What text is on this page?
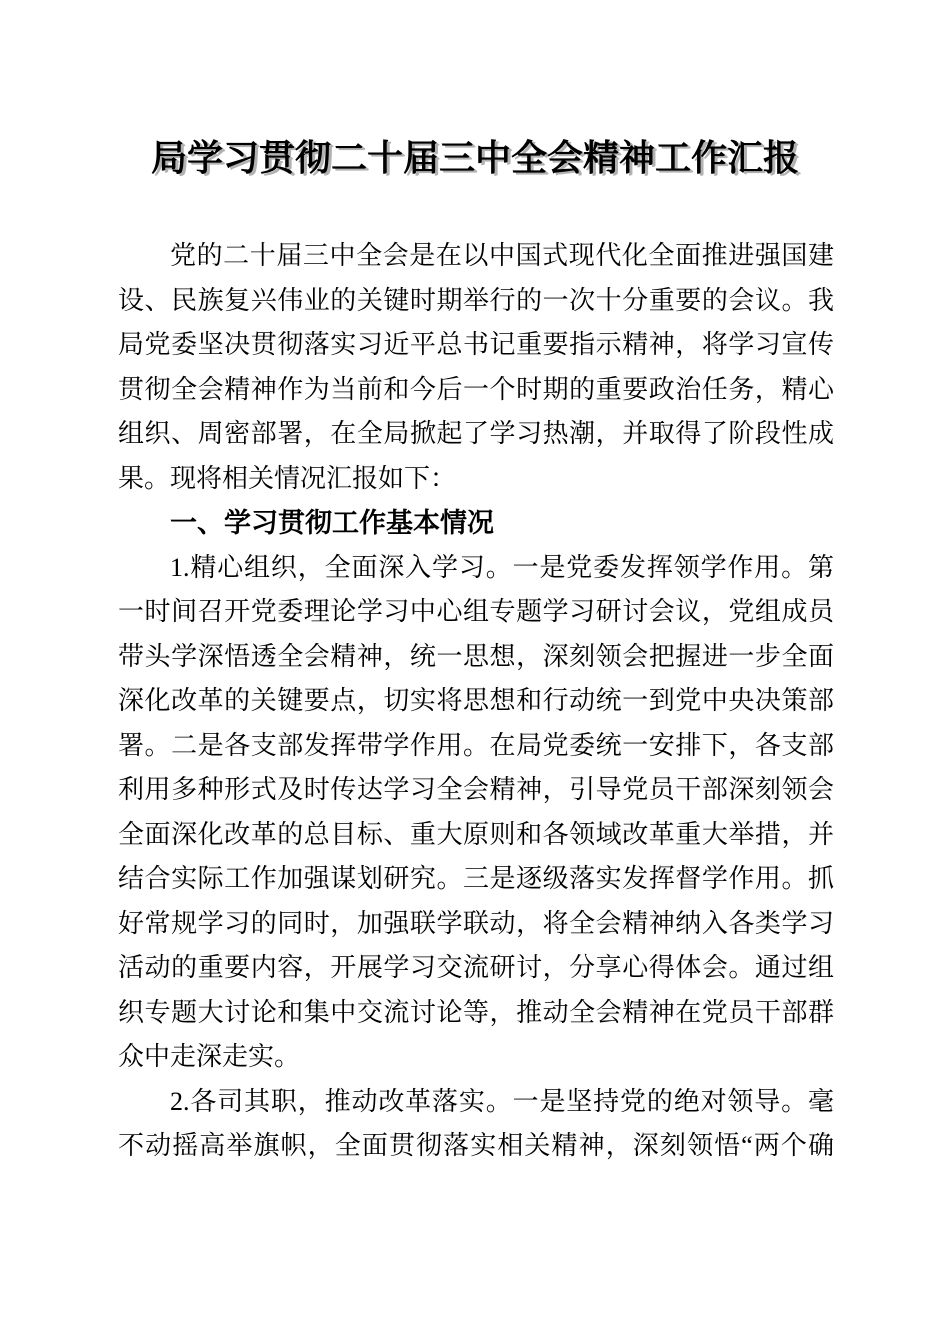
局学习贯彻二十届三中全会精神工作汇报
党的二十届三中全会是在以中国式现代化全面推进强国建
设、民族复兴伟业的关键时期举行的一次十分重要的会议。我
局党委坚决贯彻落实习近平总书记重要指示精神，将学习宣传
贯彻全会精神作为当前和今后一个时期的重要政治任务，精心
组织、周密部署，在全局掀起了学习热潮，并取得了阶段性成
果。现将相关情况汇报如下：
一、学习贯彻工作基本情况
1.精心组织，全面深入学习。一是党委发挥领学作用。第
一时间召开党委理论学习中心组专题学习研讨会议，党组成员
带头学深悟透全会精神，统一思想，深刻领会把握进一步全面
深化改革的关键要点，切实将思想和行动统一到党中央决策部
署。二是各支部发挥带学作用。在局党委统一安排下，各支部
利用多种形式及时传达学习全会精神，引导党员干部深刻领会
全面深化改革的总目标、重大原则和各领域改革重大举措，并
结合实际工作加强谋划研究。三是逐级落实发挥督学作用。抓
好常规学习的同时，加强联学联动，将全会精神纳入各类学习
活动的重要内容，开展学习交流研讨，分享心得体会。通过组
织专题大讨论和集中交流讨论等，推动全会精神在党员干部群
众中走深走实。
2.各司其职，推动改革落实。一是坚持党的绝对领导。毫
不动摇高举旗帜，全面贯彻落实相关精神，深刻领悟“两个确
